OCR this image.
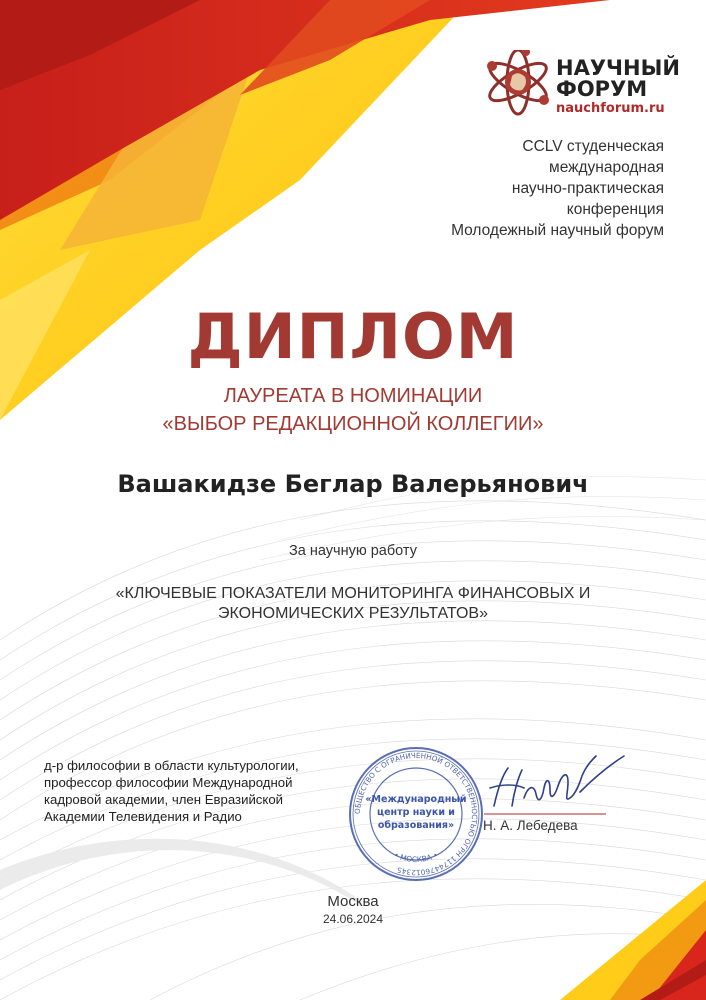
НАУЧНЫЙ
ФОРУМ
nauchforum.ru
CCLV студенческая
международная
научно-практическая
конференция
Молодежный научный форум
ДИПЛОМ
ЛАУРЕАТА В НОМИНАЦИИ
«ВЫБОР РЕДАКЦИОННОЙ КОЛЛЕГИИ»
Вашакидзе Беглар Валерьянович
За научную работу
«КЛЮЧЕВЫЕ ПОКАЗАТЕЛИ МОНИТОРИНГА ФИНАНСОВЫХ И
ЭКОНОМИЧЕСКИХ РЕЗУЛЬТАТОВ»
д-р философии в области культурологии,
профессор философии Международной
кадровой академии, член Евразийской
Академии Телевидения и Радио	ОБЩЕСТВО С ОГРАНИЧЕННОЙ ОТВЕТСТВЕННОСТЬЮ ОГРН 1174476012345
• МОСКВА •
«Международный
центр науки и
образования» Н. А. Лебедева
Москва
24.06.2024
